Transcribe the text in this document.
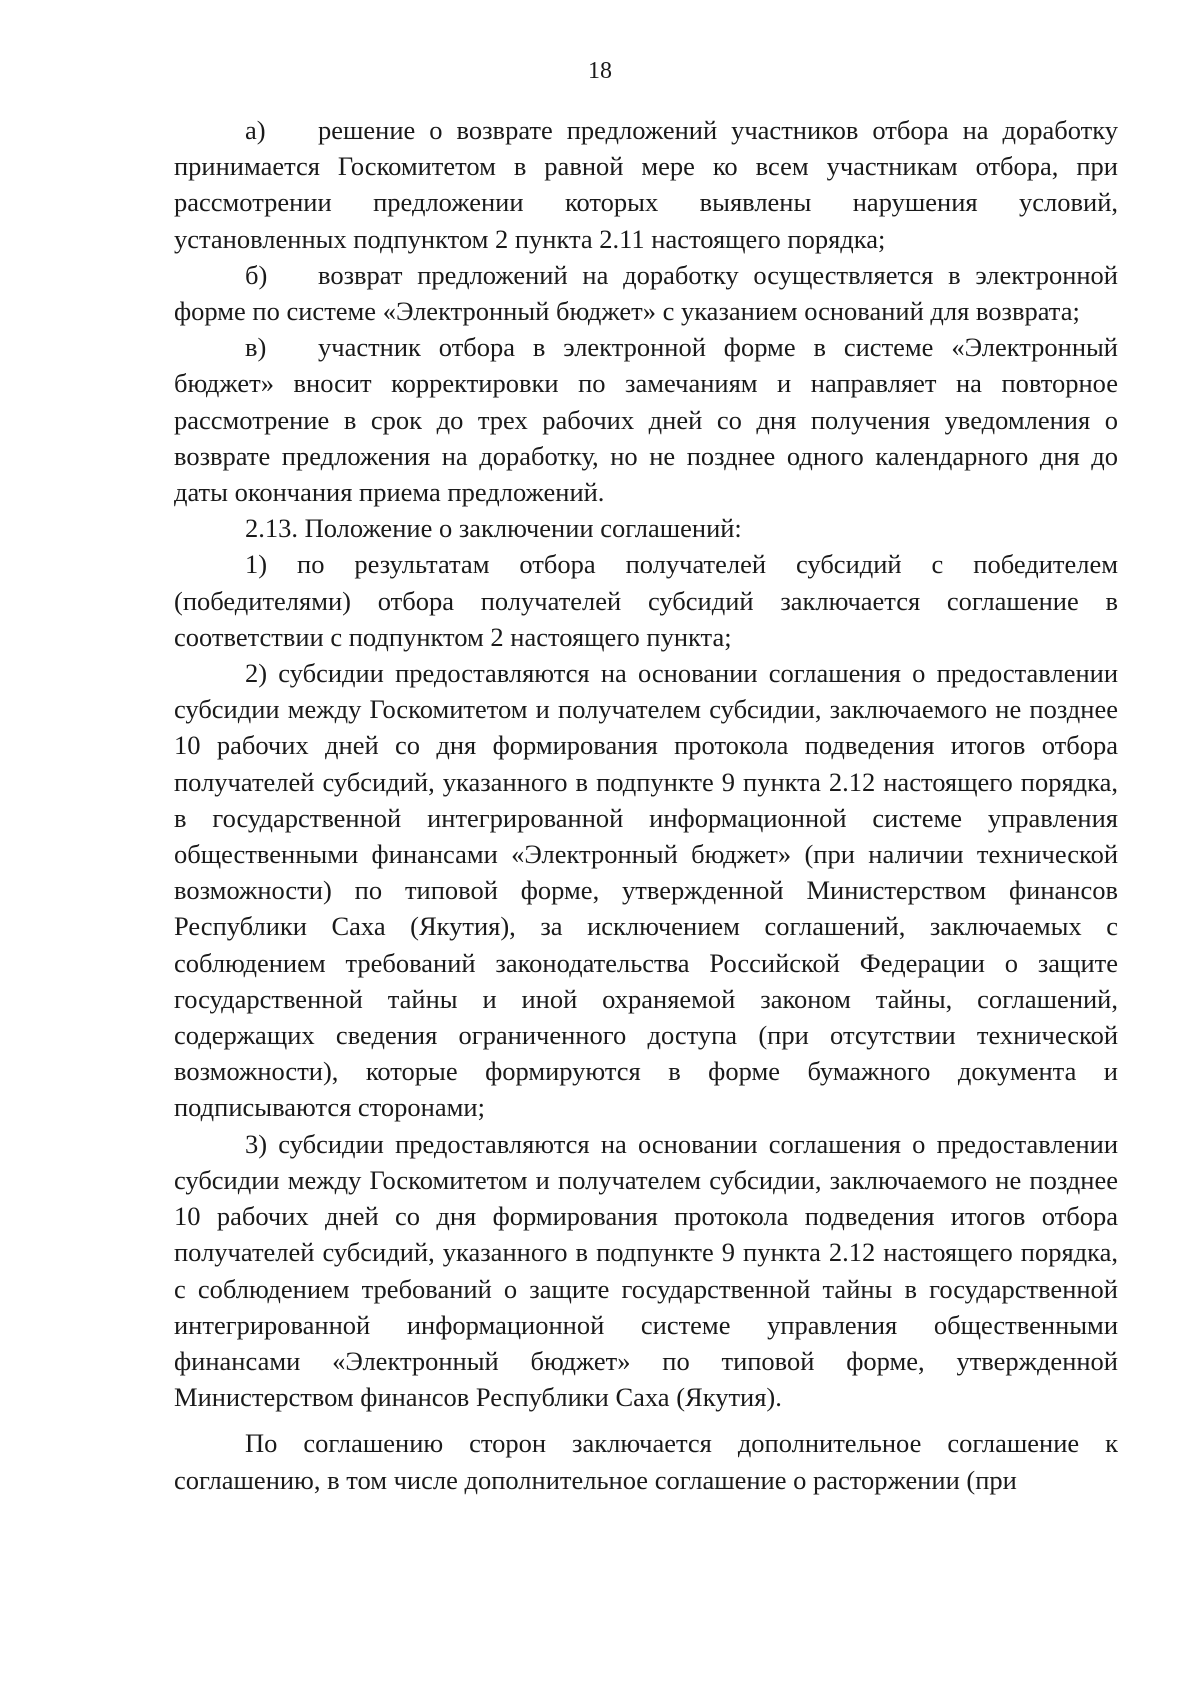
18

а) решение о возврате предложений участников отбора на доработку принимается Госкомитетом в равной мере ко всем участникам отбора, при рассмотрении предложении которых выявлены нарушения условий, установленных подпунктом 2 пункта 2.11 настоящего порядка;

б) возврат предложений на доработку осуществляется в электронной форме по системе «Электронный бюджет» с указанием оснований для возврата;

в) участник отбора в электронной форме в системе «Электронный бюджет» вносит корректировки по замечаниям и направляет на повторное рассмотрение в срок до трех рабочих дней со дня получения уведомления о возврате предложения на доработку, но не позднее одного календарного дня до даты окончания приема предложений.

2.13. Положение о заключении соглашений:

1) по результатам отбора получателей субсидий с победителем (победителями) отбора получателей субсидий заключается соглашение в соответствии с подпунктом 2 настоящего пункта;

2) субсидии предоставляются на основании соглашения о предоставлении субсидии между Госкомитетом и получателем субсидии, заключаемого не позднее 10 рабочих дней со дня формирования протокола подведения итогов отбора получателей субсидий, указанного в подпункте 9 пункта 2.12 настоящего порядка, в государственной интегрированной информационной системе управления общественными финансами «Электронный бюджет» (при наличии технической возможности) по типовой форме, утвержденной Министерством финансов Республики Саха (Якутия), за исключением соглашений, заключаемых с соблюдением требований законодательства Российской Федерации о защите государственной тайны и иной охраняемой законом тайны, соглашений, содержащих сведения ограниченного доступа (при отсутствии технической возможности), которые формируются в форме бумажного документа и подписываются сторонами;

3) субсидии предоставляются на основании соглашения о предоставлении субсидии между Госкомитетом и получателем субсидии, заключаемого не позднее 10 рабочих дней со дня формирования протокола подведения итогов отбора получателей субсидий, указанного в подпункте 9 пункта 2.12 настоящего порядка, с соблюдением требований о защите государственной тайны в государственной интегрированной информационной системе управления общественными финансами «Электронный бюджет» по типовой форме, утвержденной Министерством финансов Республики Саха (Якутия).

По соглашению сторон заключается дополнительное соглашение к соглашению, в том числе дополнительное соглашение о расторжении (при
